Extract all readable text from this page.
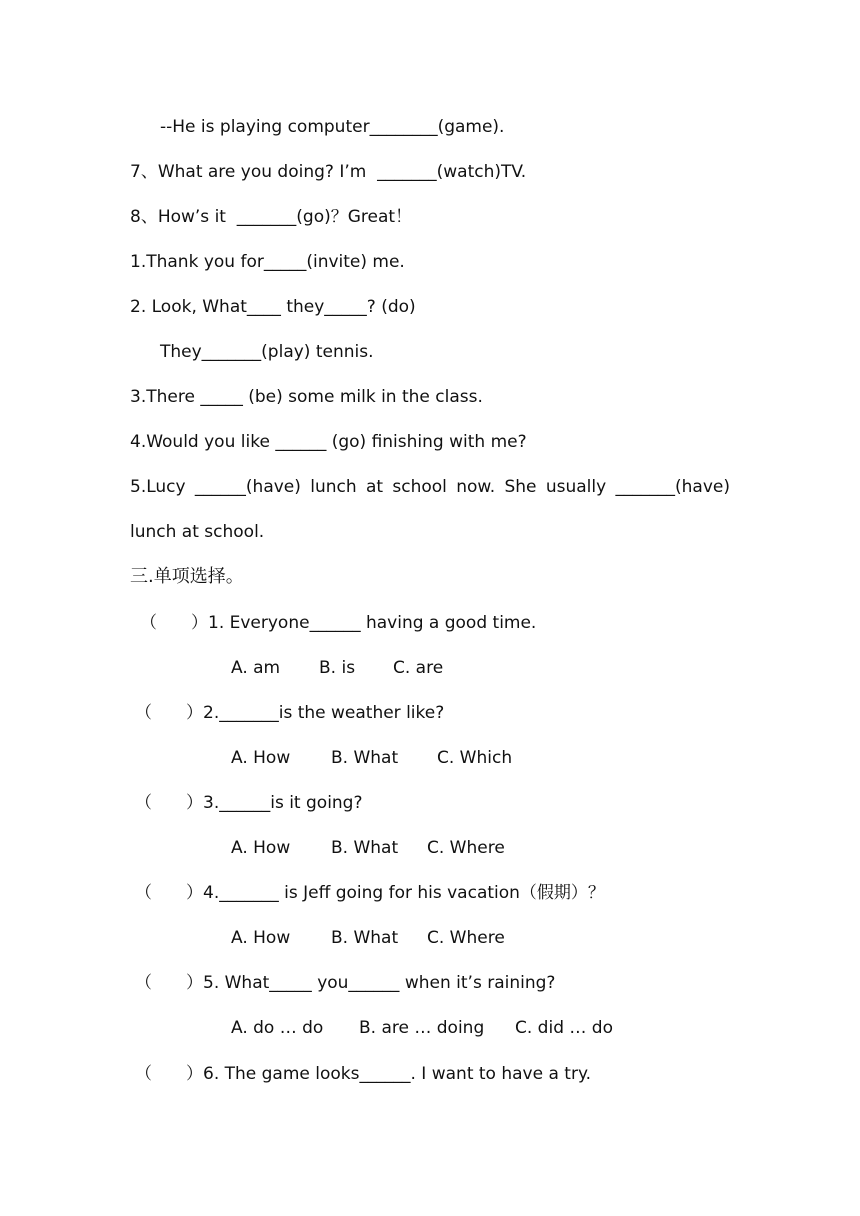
--He is playing computer________(game).
7、What are you doing? I’m  _______(watch)TV.
8、How’s it  _______(go)？Great！
1.Thank you for_____(invite) me.
2. Look, What____ they_____? (do)
They_______(play) tennis.
3.There _____ (be) some milk in the class.
4.Would you like ______ (go) finishing with me?
5.Lucy ______(have) lunch at school now. She usually _______(have)
lunch at school.
三.单项选择。
（　　）1. Everyone______ having a good time.
A. am B. is C. are
（　　）2._______is the weather like?
A. How B. What C. Which
（　　）3.______is it going?
A. How B. What C. Where
（　　）4._______ is Jeff going for his vacation（假期）？
A. How B. What C. Where
（　　）5. What_____ you______ when it’s raining?
A. do … do B. are … doing C. did … do
（　　）6. The game looks______. I want to have a try.
